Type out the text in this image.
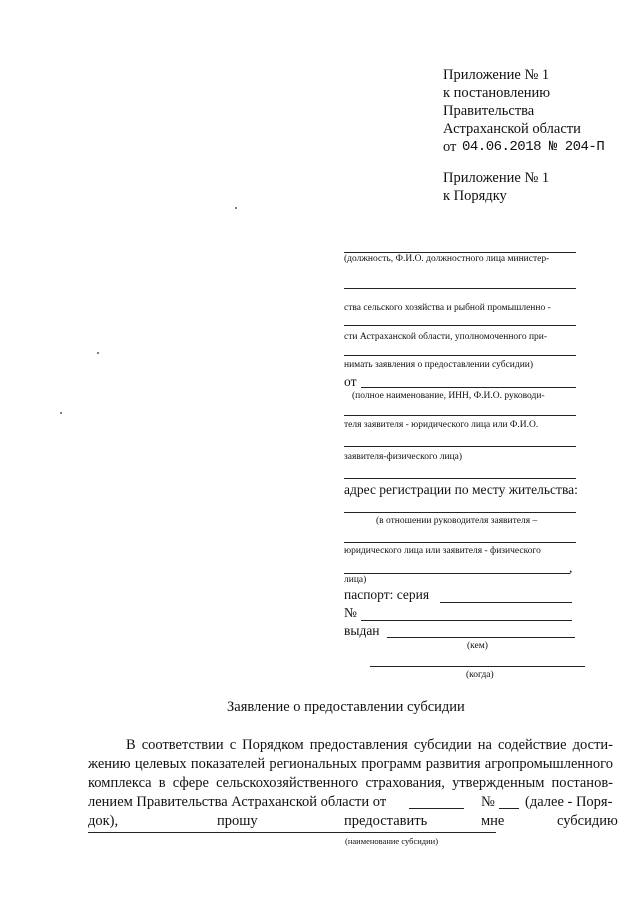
Приложение № 1
к постановлению
Правительства
Астраханской области
от 04.06.2018 № 204-П
Приложение № 1
к Порядку
(должность, Ф.И.О. должностного лица министер-
ства сельского хозяйства и рыбной промышленно -
сти Астраханской области, уполномоченного при-
нимать заявления о предоставлении субсидии)
от
(полное наименование, ИНН, Ф.И.О. руководи-
теля заявителя - юридического лица или Ф.И.О.
заявителя-физического лица)
адрес регистрации по месту жительства:
(в отношении руководителя заявителя –
юридического лица или заявителя - физического
,
лица)
паспорт: серия
№
выдан
(кем)
(когда)
Заявление о предоставлении субсидии
В соответствии с Порядком предоставления субсидии на содействие дости-
жению целевых показателей региональных программ развития агропромышленного
комплекса в сфере сельскохозяйственного страхования, утвержденным постанов-
лением Правительства Астраханской области от	№ (далее - Поря-
док),	прошу	предоставить	мне	субсидию
(наименование субсидии)
